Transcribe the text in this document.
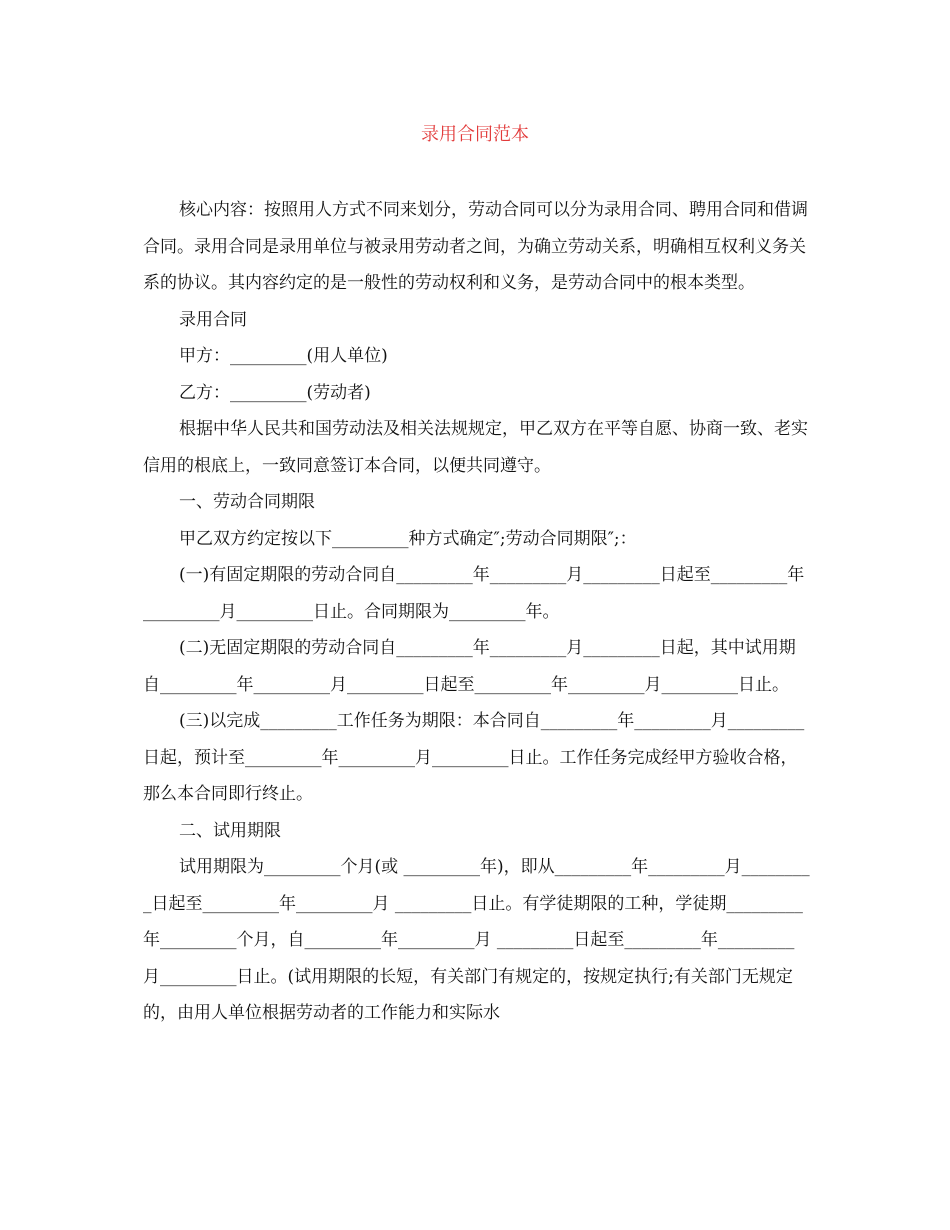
录用合同范本

核心内容：按照用人方式不同来划分，劳动合同可以分为录用合同、聘用合同和借调合同。录用合同是录用单位与被录用劳动者之间，为确立劳动关系，明确相互权利义务关系的协议。其内容约定的是一般性的劳动权利和义务，是劳动合同中的根本类型。

录用合同

甲方：_________(用人单位)

乙方：_________(劳动者)

根据中华人民共和国劳动法及相关法规规定，甲乙双方在平等自愿、协商一致、老实信用的根底上，一致同意签订本合同，以便共同遵守。

一、劳动合同期限

甲乙双方约定按以下_________种方式确定″;劳动合同期限″;：

(一)有固定期限的劳动合同自_________年_________月_________日起至_________年_________月_________日止。合同期限为_________年。

(二)无固定期限的劳动合同自_________年_________月_________日起，其中试用期自_________年_________月_________日起至_________年_________月_________日止。

(三)以完成_________工作任务为期限：本合同自_________年_________月_________日起，预计至_________年_________月_________日止。工作任务完成经甲方验收合格，那么本合同即行终止。

二、试用期限

试用期限为_________个月(或 _________年)，即从_________年_________月_________日起至_________年_________月 _________日止。有学徒期限的工种，学徒期_________年_________个月，自_________年_________月 _________日起至_________年_________月_________日止。(试用期限的长短，有关部门有规定的，按规定执行;有关部门无规定的，由用人单位根据劳动者的工作能力和实际水
